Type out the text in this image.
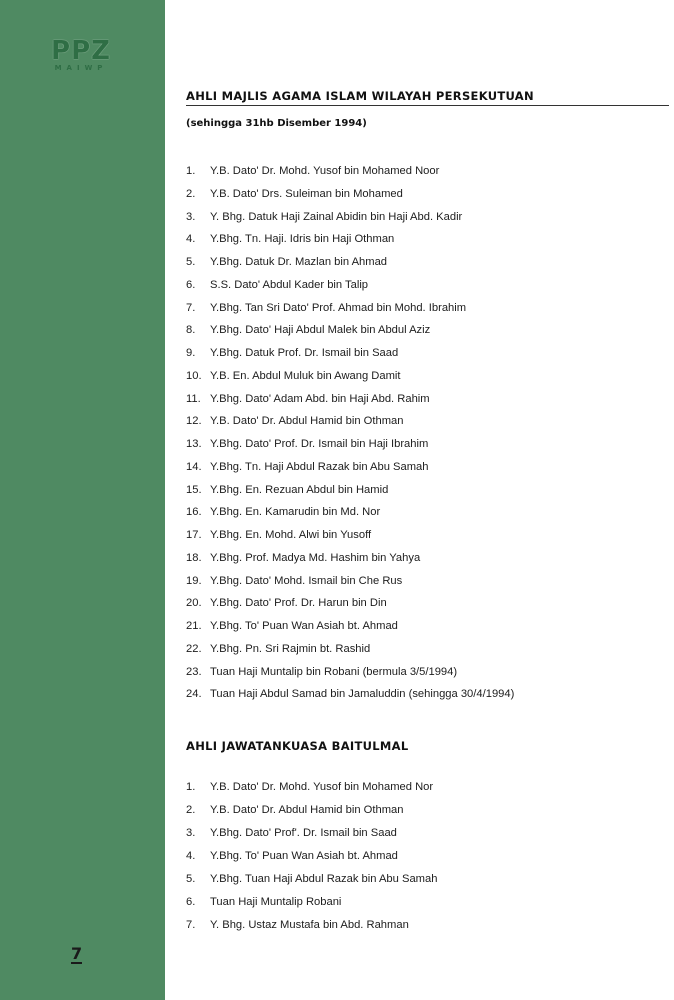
PPZ
MAIWP
AHLI MAJLIS AGAMA ISLAM WILAYAH PERSEKUTUAN
(sehingga 31hb Disember 1994)
1.	Y.B. Dato' Dr. Mohd. Yusof bin Mohamed Noor
2.	Y.B. Dato' Drs. Suleiman bin Mohamed
3.	Y. Bhg. Datuk Haji Zainal Abidin bin Haji Abd. Kadir
4.	Y.Bhg. Tn. Haji. Idris bin Haji Othman
5.	Y.Bhg. Datuk Dr. Mazlan bin Ahmad
6.	S.S. Dato' Abdul Kader bin Talip
7.	Y.Bhg. Tan Sri Dato' Prof. Ahmad bin Mohd. Ibrahim
8.	Y.Bhg. Dato' Haji Abdul Malek bin Abdul Aziz
9.	Y.Bhg. Datuk Prof. Dr. Ismail bin Saad
10. Y.B. En. Abdul Muluk bin Awang Damit
11. Y.Bhg. Dato' Adam Abd. bin Haji Abd. Rahim
12. Y.B. Dato' Dr. Abdul Hamid bin Othman
13. Y.Bhg. Dato' Prof. Dr. Ismail bin Haji Ibrahim
14. Y.Bhg. Tn. Haji Abdul Razak bin Abu Samah
15. Y.Bhg. En. Rezuan Abdul bin Hamid
16. Y.Bhg. En. Kamarudin bin Md. Nor
17. Y.Bhg. En. Mohd. Alwi bin Yusoff
18. Y.Bhg. Prof. Madya Md. Hashim bin Yahya
19. Y.Bhg. Dato' Mohd. Ismail bin Che Rus
20. Y.Bhg. Dato' Prof. Dr. Harun bin Din
21. Y.Bhg. To' Puan Wan Asiah bt. Ahmad
22. Y.Bhg. Pn. Sri Rajmin bt. Rashid
23. Tuan Haji Muntalip bin Robani (bermula 3/5/1994)
24. Tuan Haji Abdul Samad bin Jamaluddin (sehingga 30/4/1994)
AHLI JAWATANKUASA BAITULMAL
1.	Y.B. Dato' Dr. Mohd. Yusof bin Mohamed Nor
2.	Y.B. Dato' Dr. Abdul Hamid bin Othman
3.	Y.Bhg. Dato' Prof'. Dr. Ismail bin Saad
4.	Y.Bhg. To' Puan Wan Asiah bt. Ahmad
5.	Y.Bhg. Tuan Haji Abdul Razak bin Abu Samah
6.	Tuan Haji Muntalip Robani
7.	Y. Bhg. Ustaz Mustafa bin Abd. Rahman
7
